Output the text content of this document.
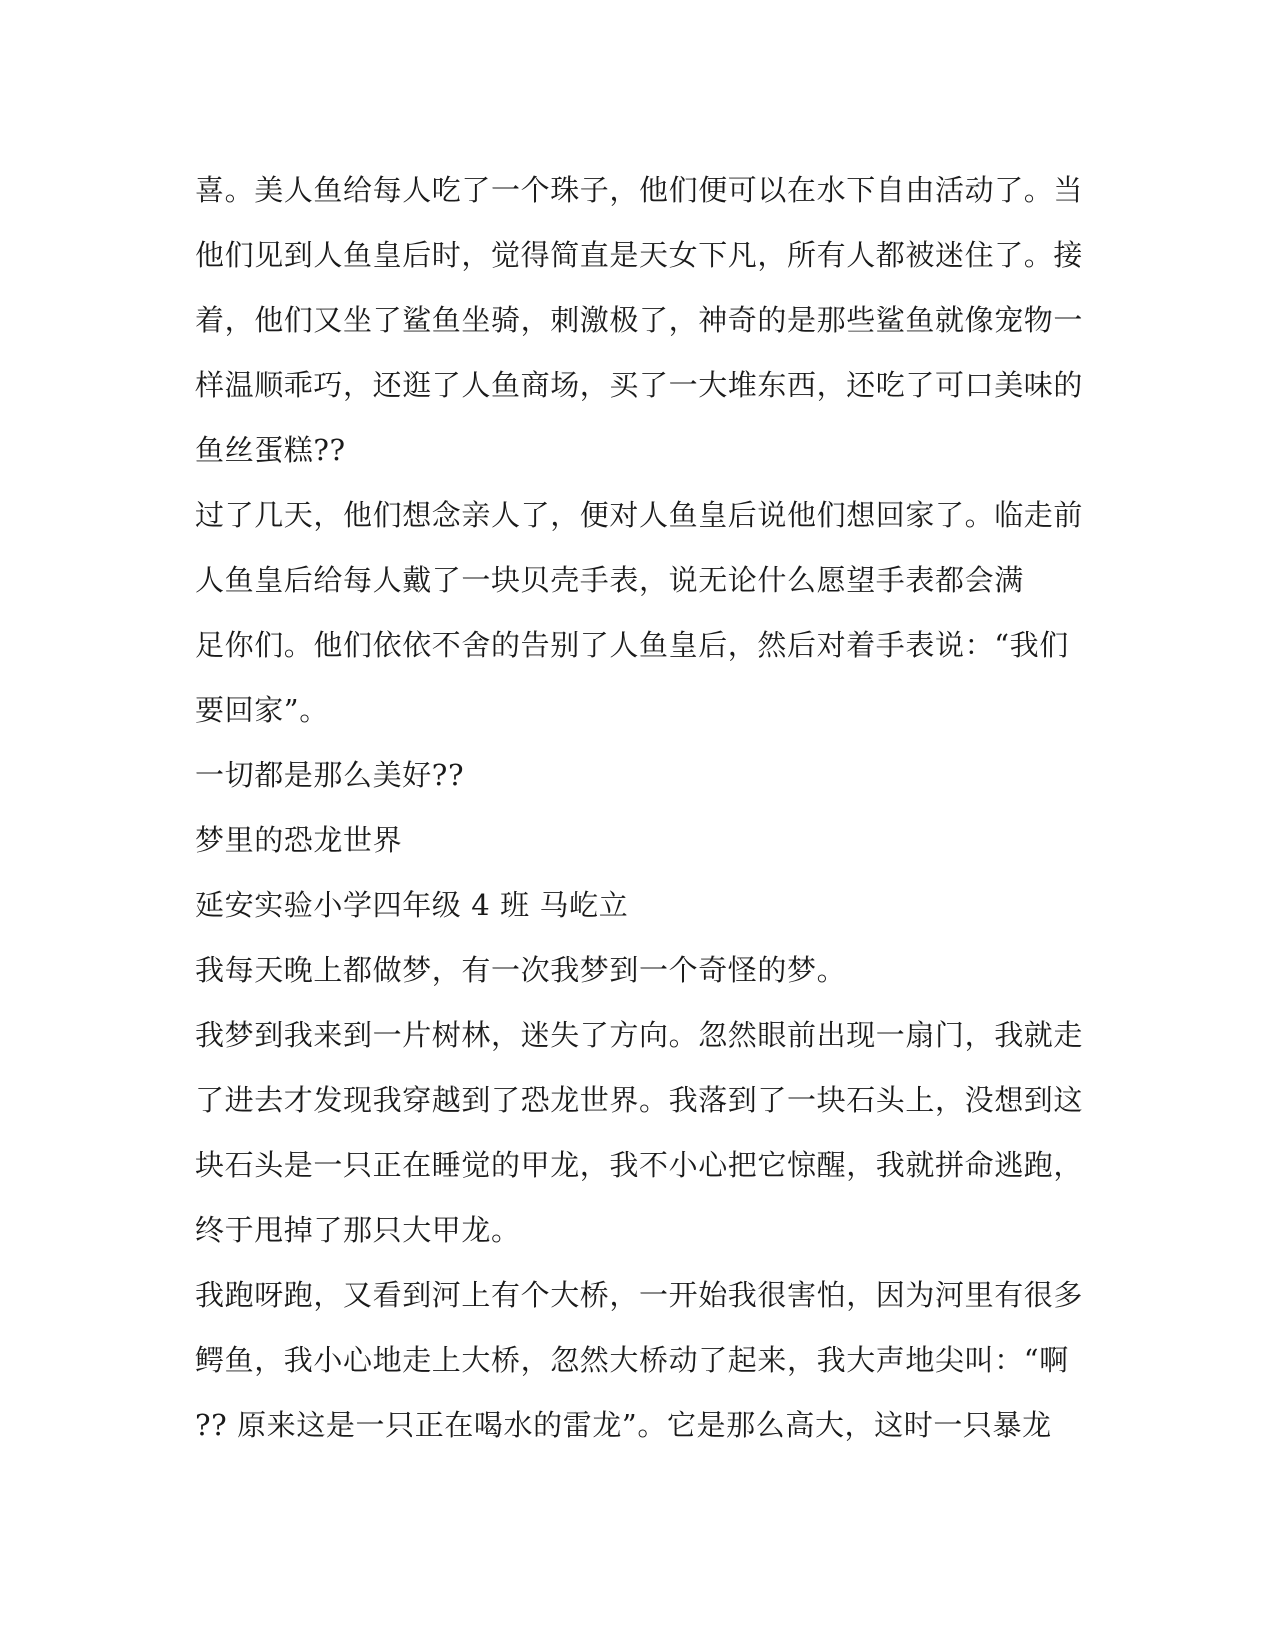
喜。美人鱼给每人吃了一个珠子，他们便可以在水下自由活动了。当
他们见到人鱼皇后时，觉得简直是天女下凡，所有人都被迷住了。接
着，他们又坐了鲨鱼坐骑，刺激极了，神奇的是那些鲨鱼就像宠物一
样温顺乖巧，还逛了人鱼商场，买了一大堆东西，还吃了可口美味的
鱼丝蛋糕??
过了几天，他们想念亲人了，便对人鱼皇后说他们想回家了。临走前
人鱼皇后给每人戴了一块贝壳手表，说无论什么愿望手表都会满
足你们。他们依依不舍的告别了人鱼皇后，然后对着手表说：“我们
要回家”。
一切都是那么美好??
梦里的恐龙世界
延安实验小学四年级 4 班 马屹立
我每天晚上都做梦，有一次我梦到一个奇怪的梦。
我梦到我来到一片树林，迷失了方向。忽然眼前出现一扇门，我就走
了进去才发现我穿越到了恐龙世界。我落到了一块石头上，没想到这
块石头是一只正在睡觉的甲龙，我不小心把它惊醒，我就拼命逃跑，
终于甩掉了那只大甲龙。
我跑呀跑，又看到河上有个大桥，一开始我很害怕，因为河里有很多
鳄鱼，我小心地走上大桥，忽然大桥动了起来，我大声地尖叫：“啊
?? 原来这是一只正在喝水的雷龙”。它是那么高大，这时一只暴龙
